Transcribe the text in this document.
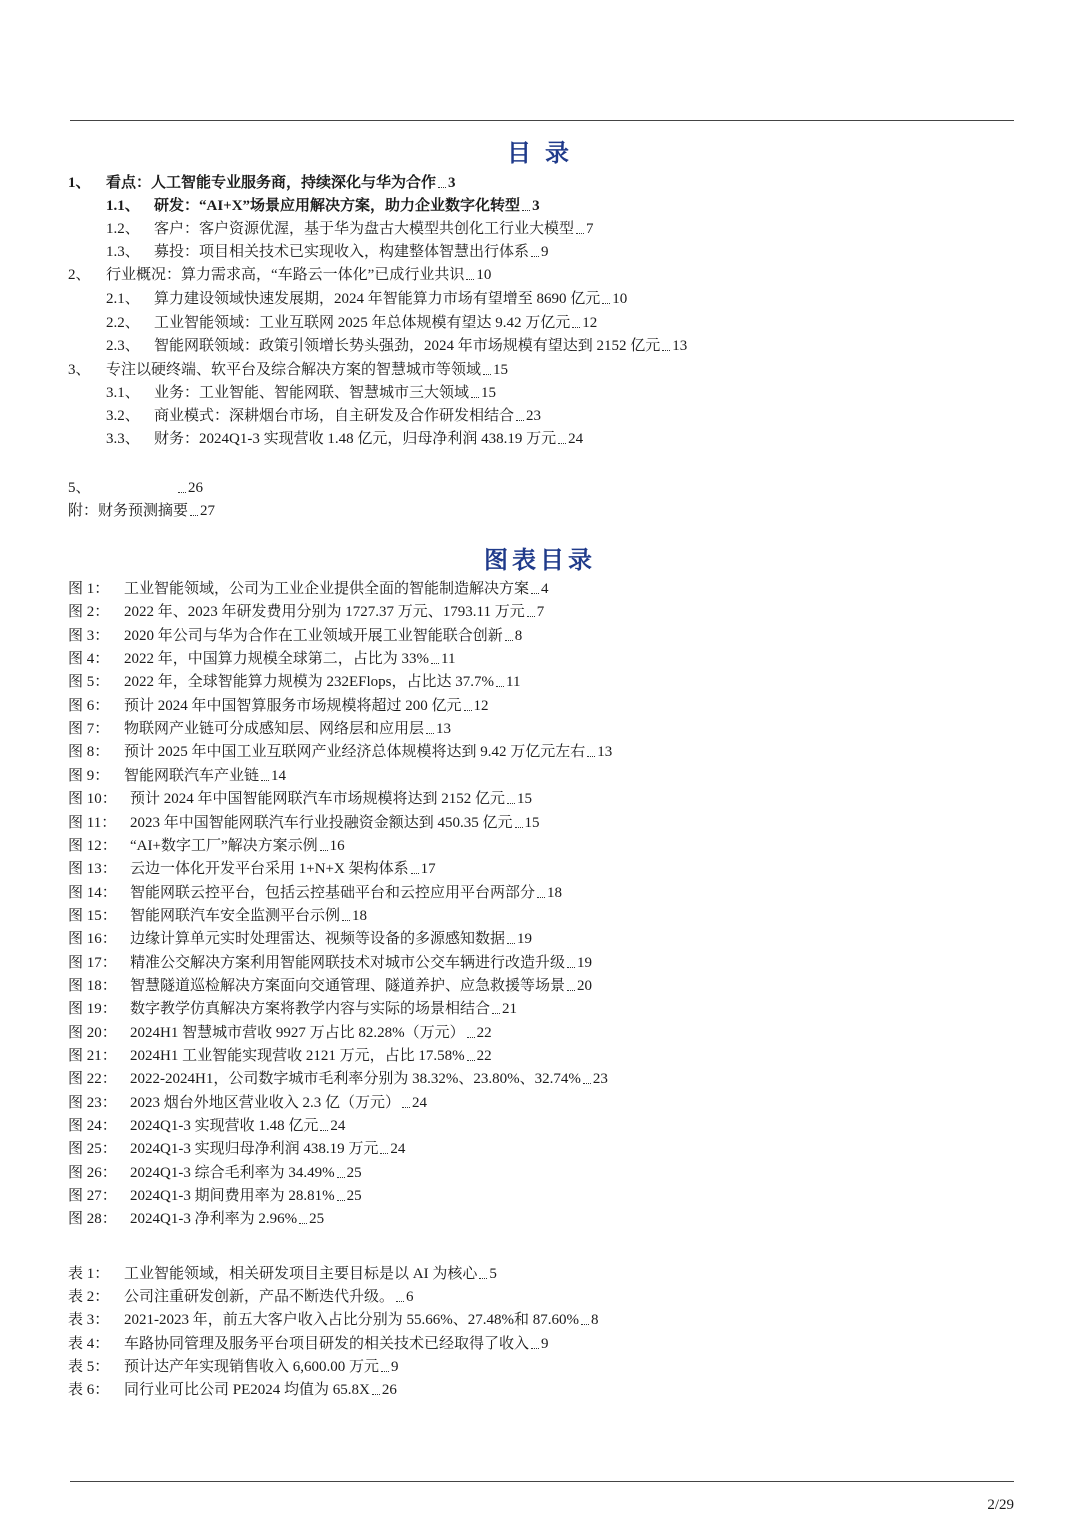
目 录
1、	看点：人工智能专业服务商，持续深化与华为合作 3
1.1、 研发：“AI+X”场景应用解决方案，助力企业数字化转型 3
1.2、 客户：客户资源优渥，基于华为盘古大模型共创化工行业大模型 7
1.3、 募投：项目相关技术已实现收入，构建整体智慧出行体系 9
2、	行业概况：算力需求高，“车路云一体化”已成行业共识 10
2.1、 算力建设领域快速发展期，2024 年智能算力市场有望增至 8690 亿元 10
2.2、 工业智能领域：工业互联网 2025 年总体规模有望达 9.42 万亿元 12
2.3、 智能网联领域：政策引领增长势头强劲，2024 年市场规模有望达到 2152 亿元 13
3、	专注以硬终端、软平台及综合解决方案的智慧城市等领域 15
3.1、 业务：工业智能、智能网联、智慧城市三大领域 15
3.2、 商业模式：深耕烟台市场，自主研发及合作研发相结合 23
3.3、 财务：2024Q1-3 实现营收 1.48 亿元，归母净利润 438.19 万元 24
5、	26
附： 财务预测摘要 27
图表目录
图 1： 工业智能领域，公司为工业企业提供全面的智能制造解决方案 4
图 2： 2022 年、2023 年研发费用分别为 1727.37 万元、1793.11 万元 7
图 3： 2020 年公司与华为合作在工业领域开展工业智能联合创新 8
图 4： 2022 年，中国算力规模全球第二，占比为 33% 11
图 5： 2022 年，全球智能算力规模为 232EFlops，占比达 37.7% 11
图 6： 预计 2024 年中国智算服务市场规模将超过 200 亿元 12
图 7： 物联网产业链可分成感知层、网络层和应用层 13
图 8： 预计 2025 年中国工业互联网产业经济总体规模将达到 9.42 万亿元左右 13
图 9： 智能网联汽车产业链 14
图 10： 预计 2024 年中国智能网联汽车市场规模将达到 2152 亿元 15
图 11： 2023 年中国智能网联汽车行业投融资金额达到 450.35 亿元 15
图 12： “AI+数字工厂”解决方案示例 16
图 13： 云边一体化开发平台采用 1+N+X 架构体系 17
图 14： 智能网联云控平台，包括云控基础平台和云控应用平台两部分 18
图 15： 智能网联汽车安全监测平台示例 18
图 16： 边缘计算单元实时处理雷达、视频等设备的多源感知数据 19
图 17： 精准公交解决方案利用智能网联技术对城市公交车辆进行改造升级 19
图 18： 智慧隧道巡检解决方案面向交通管理、隧道养护、应急救援等场景 20
图 19： 数字教学仿真解决方案将教学内容与实际的场景相结合 21
图 20： 2024H1 智慧城市营收 9927 万占比 82.28%（万元） 22
图 21： 2024H1 工业智能实现营收 2121 万元，占比 17.58% 22
图 22： 2022-2024H1，公司数字城市毛利率分别为 38.32%、23.80%、32.74% 23
图 23： 2023 烟台外地区营业收入 2.3 亿（万元） 24
图 24： 2024Q1-3 实现营收 1.48 亿元 24
图 25： 2024Q1-3 实现归母净利润 438.19 万元 24
图 26： 2024Q1-3 综合毛利率为 34.49% 25
图 27： 2024Q1-3 期间费用率为 28.81% 25
图 28： 2024Q1-3 净利率为 2.96% 25
表 1： 工业智能领域，相关研发项目主要目标是以 AI 为核心 5
表 2： 公司注重研发创新，产品不断迭代升级。 6
表 3： 2021-2023 年，前五大客户收入占比分别为 55.66%、27.48%和 87.60% 8
表 4： 车路协同管理及服务平台项目研发的相关技术已经取得了收入 9
表 5： 预计达产年实现销售收入 6,600.00 万元 9
表 6： 同行业可比公司 PE2024 均值为 65.8X 26
2/29
